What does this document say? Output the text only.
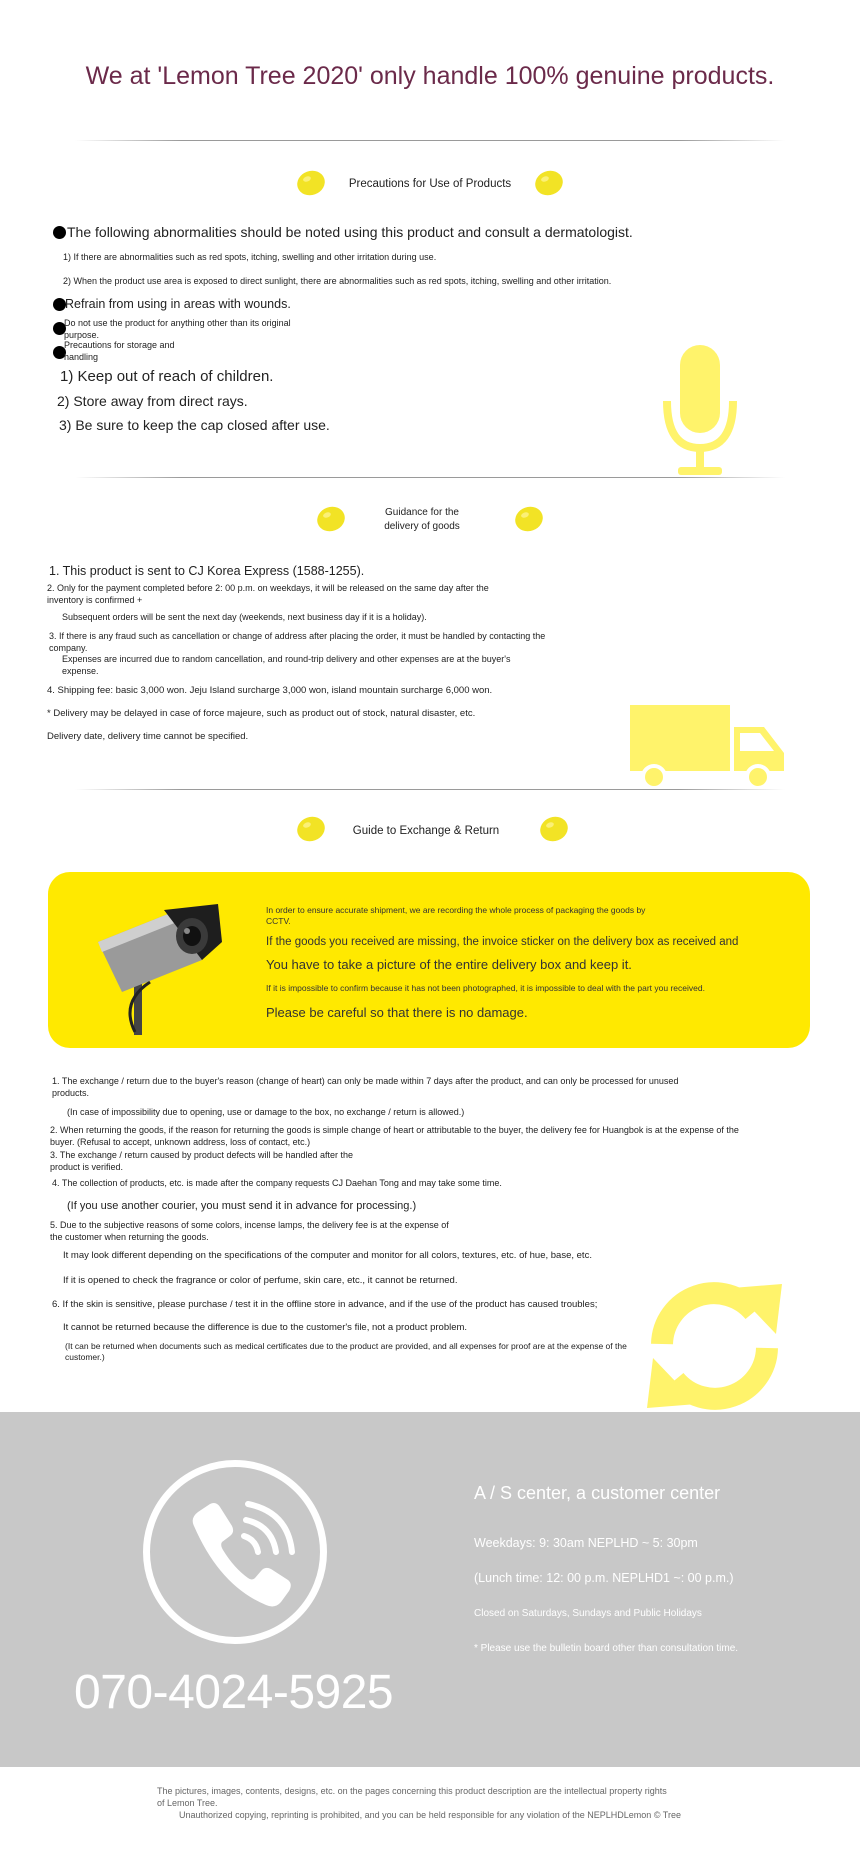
We at 'Lemon Tree 2020' only handle 100% genuine products.
Precautions for Use of Products
The following abnormalities should be noted using this product and consult a dermatologist.
1) If there are abnormalities such as red spots, itching, swelling and other irritation during use.
2) When the product use area is exposed to direct sunlight, there are abnormalities such as red spots, itching, swelling and other irritation.
Refrain from using in areas with wounds.
Do not use the product for anything other than its original purpose.
Precautions for storage and handling
1) Keep out of reach of children.
2) Store away from direct rays.
3) Be sure to keep the cap closed after use.
Guidance for the
delivery of goods
1. This product is sent to CJ Korea Express (1588-1255).
2. Only for the payment completed before 2: 00 p.m. on weekdays, it will be released on the same day after the inventory is confirmed +
Subsequent orders will be sent the next day (weekends, next business day if it is a holiday).
3. If there is any fraud such as cancellation or change of address after placing the order, it must be handled by contacting the company.
Expenses are incurred due to random cancellation, and round-trip delivery and other expenses are at the buyer's expense.
4. Shipping fee: basic 3,000 won. Jeju Island surcharge 3,000 won, island mountain surcharge 6,000 won.
* Delivery may be delayed in case of force majeure, such as product out of stock, natural disaster, etc.
Delivery date, delivery time cannot be specified.
Guide to Exchange & Return
In order to ensure accurate shipment, we are recording the whole process of packaging the goods by CCTV.
If the goods you received are missing, the invoice sticker on the delivery box as received and
You have to take a picture of the entire delivery box and keep it.
If it is impossible to confirm because it has not been photographed, it is impossible to deal with the part you received.
Please be careful so that there is no damage.
1. The exchange / return due to the buyer's reason (change of heart) can only be made within 7 days after the product, and can only be processed for unused products.
(In case of impossibility due to opening, use or damage to the box, no exchange / return is allowed.)
2. When returning the goods, if the reason for returning the goods is simple change of heart or attributable to the buyer, the delivery fee for Huangbok is at the expense of the buyer. (Refusal to accept, unknown address, loss of contact, etc.)
3. The exchange / return caused by product defects will be handled after the product is verified.
4. The collection of products, etc. is made after the company requests CJ Daehan Tong and may take some time.
(If you use another courier, you must send it in advance for processing.)
5. Due to the subjective reasons of some colors, incense lamps, the delivery fee is at the expense of the customer when returning the goods.
It may look different depending on the specifications of the computer and monitor for all colors, textures, etc. of hue, base, etc.
If it is opened to check the fragrance or color of perfume, skin care, etc., it cannot be returned.
6. If the skin is sensitive, please purchase / test it in the offline store in advance, and if the use of the product has caused troubles;
It cannot be returned because the difference is due to the customer's file, not a product problem.
(It can be returned when documents such as medical certificates due to the product are provided, and all expenses for proof are at the expense of the customer.)
070-4024-5925
A / S center, a customer center
Weekdays: 9: 30am NEPLHD ~ 5: 30pm
(Lunch time: 12: 00 p.m. NEPLHD1 ~: 00 p.m.)
Closed on Saturdays, Sundays and Public Holidays
* Please use the bulletin board other than consultation time.
The pictures, images, contents, designs, etc. on the pages concerning this product description are the intellectual property rights
of Lemon Tree.
Unauthorized copying, reprinting is prohibited, and you can be held responsible for any violation of the NEPLHDLemon © Tree
